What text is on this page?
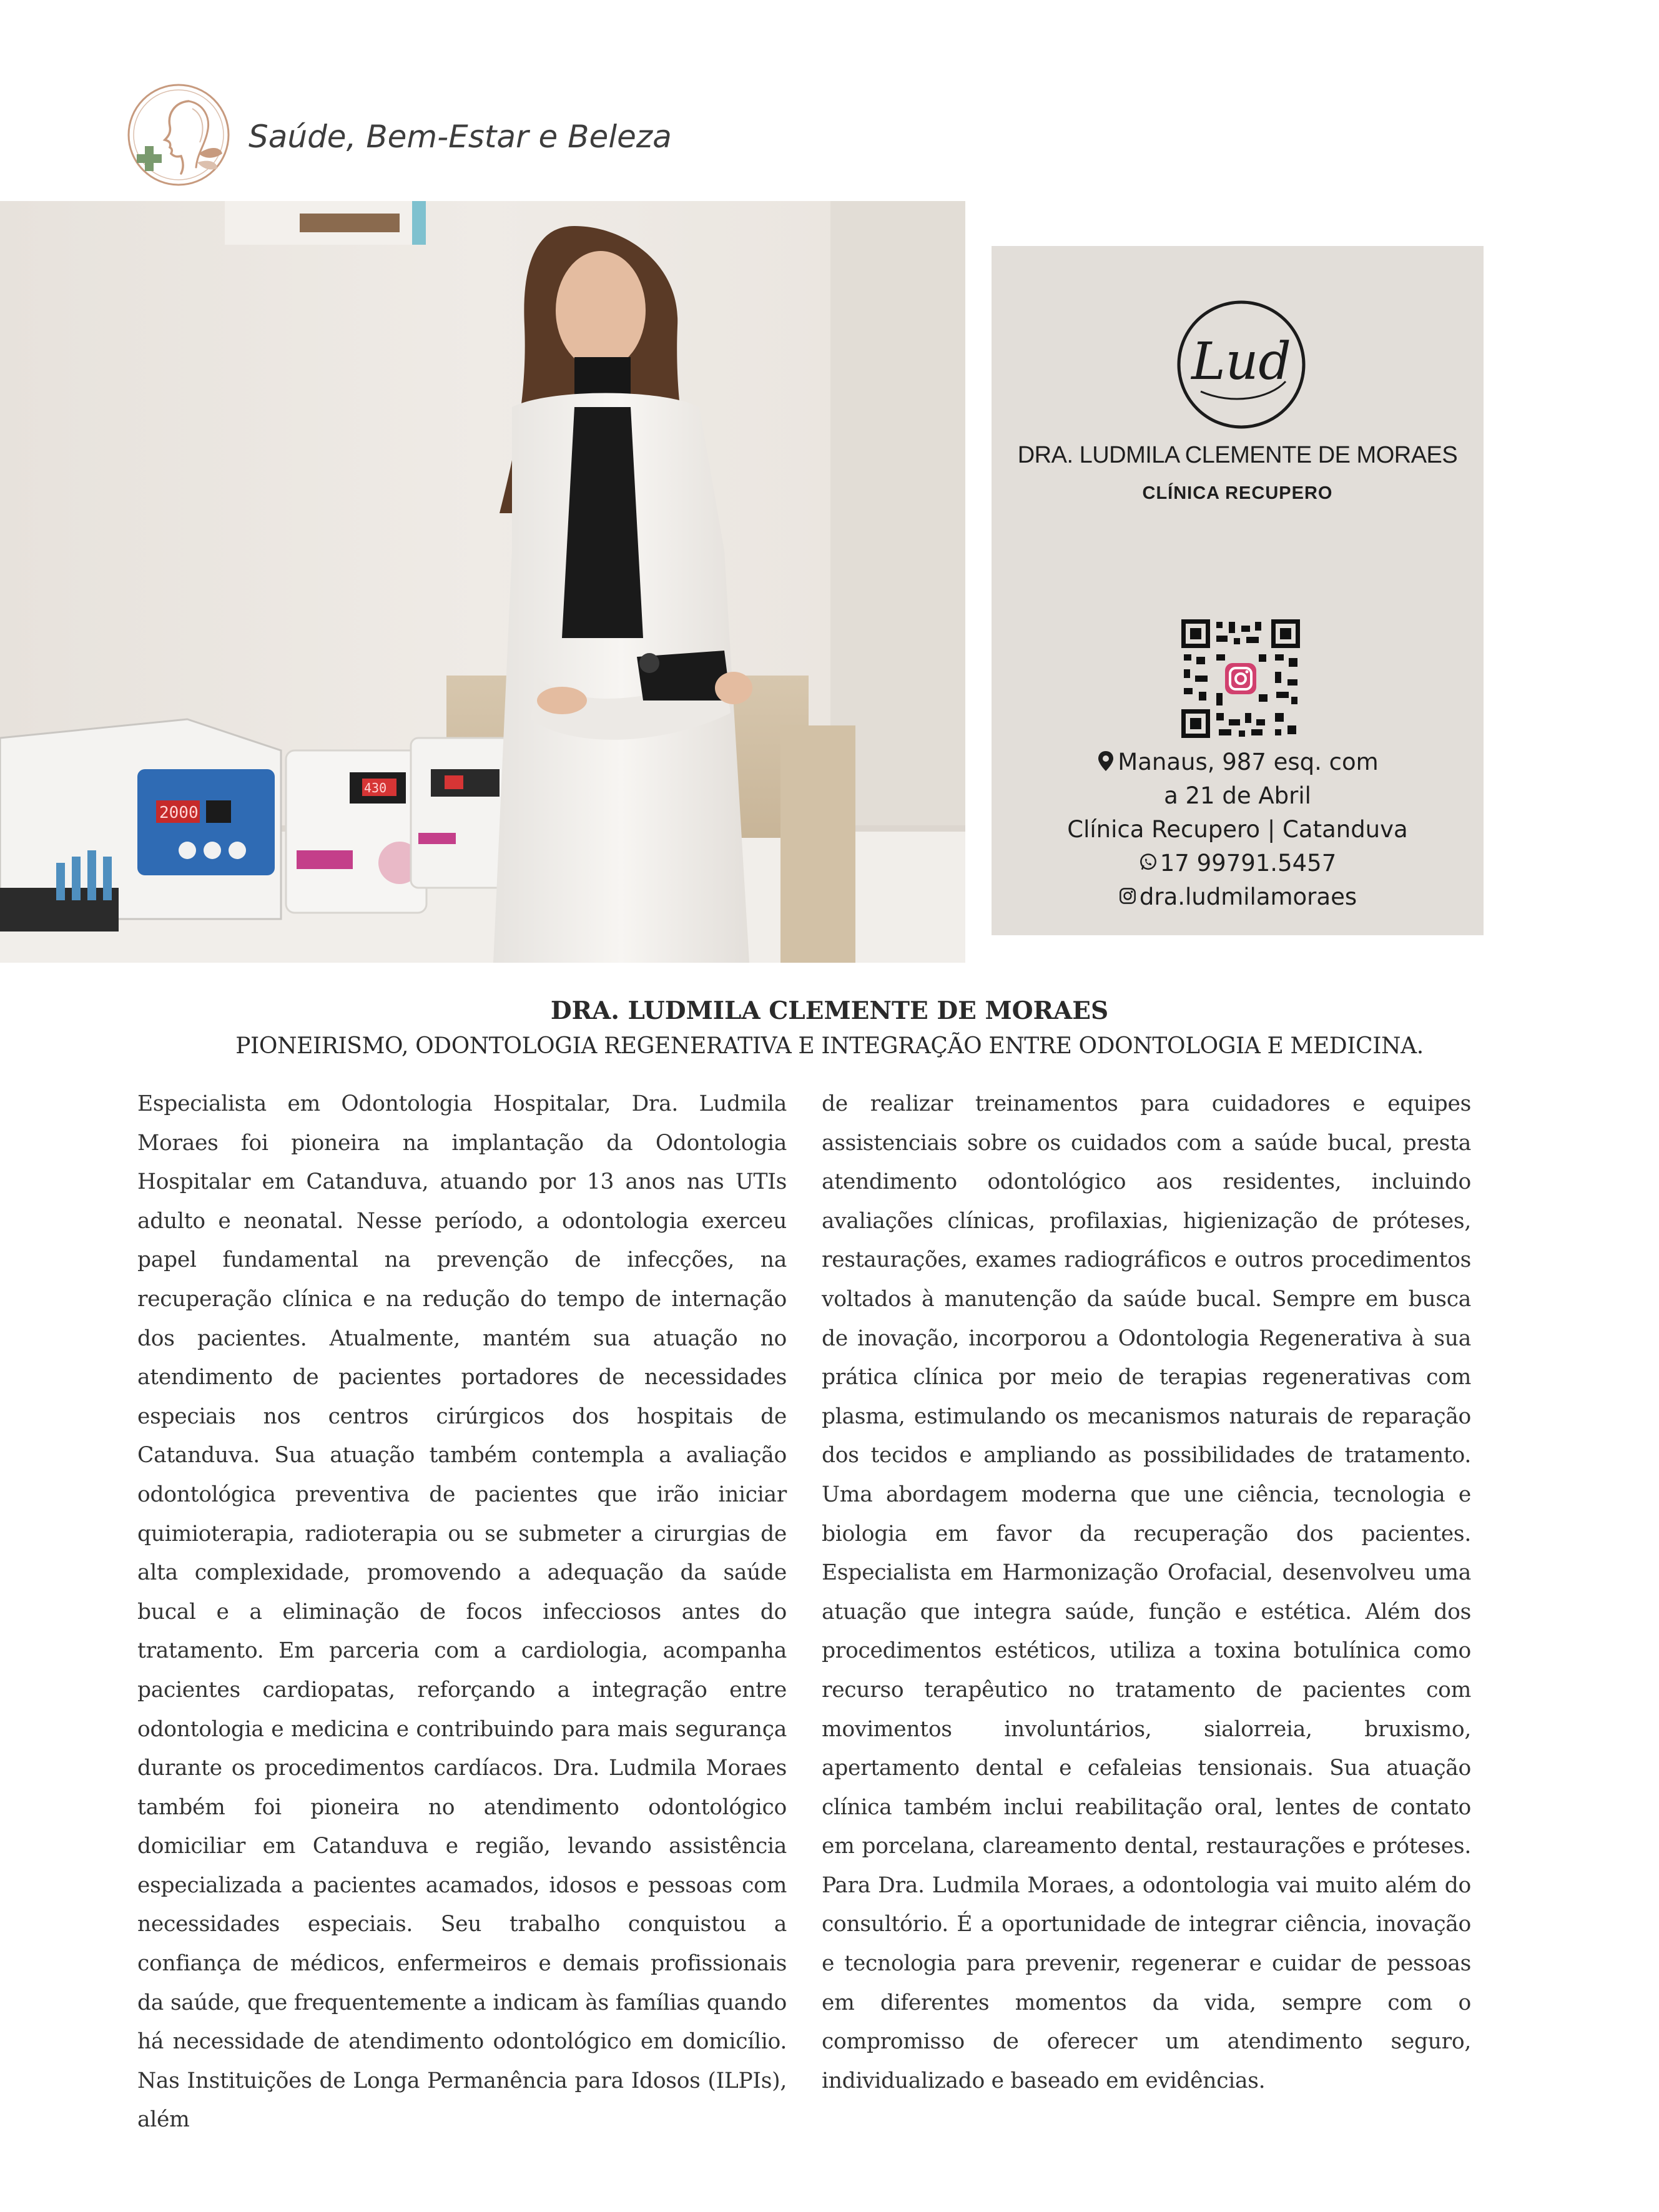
Saúde, Bem-Estar e Beleza
2000
430
Lud
DRA. LUDMILA CLEMENTE DE MORAES
CLÍNICA RECUPERO
Manaus, 987 esq. com
a 21 de Abril
Clínica Recupero | Catanduva
17 99791.5457
dra.ludmilamoraes
DRA. LUDMILA CLEMENTE DE MORAES
PIONEIRISMO, ODONTOLOGIA REGENERATIVA E INTEGRAÇÃO ENTRE ODONTOLOGIA E MEDICINA.
Especialista em Odontologia Hospitalar, Dra. Ludmila Moraes foi pioneira na implantação da Odontologia Hospitalar em Catanduva, atuando por 13 anos nas UTIs adulto e neonatal. Nesse período, a odontologia exerceu papel fundamental na prevenção de infecções, na recuperação clínica e na redução do tempo de internação dos pacientes. Atualmente, mantém sua atuação no atendimento de pacientes portadores de necessidades especiais nos centros cirúrgicos dos hospitais de Catanduva. Sua atuação também contempla a avaliação odontológica preventiva de pacientes que irão iniciar quimioterapia, radioterapia ou se submeter a cirurgias de alta complexidade, promovendo a adequação da saúde bucal e a eliminação de focos infecciosos antes do tratamento. Em parceria com a cardiologia, acompanha pacientes cardiopatas, reforçando a integração entre odontologia e medicina e contribuindo para mais segurança durante os procedimentos cardíacos. Dra. Ludmila Moraes também foi pioneira no atendimento odontológico domiciliar em Catanduva e região, levando assistência especializada a pacientes acamados, idosos e pessoas com necessidades especiais. Seu trabalho conquistou a confiança de médicos, enfermeiros e demais profissionais da saúde, que frequentemente a indicam às famílias quando há necessidade de atendimento odontológico em domicílio. Nas Instituições de Longa Permanência para Idosos (ILPIs), além
de realizar treinamentos para cuidadores e equipes assistenciais sobre os cuidados com a saúde bucal, presta atendimento odontológico aos residentes, incluindo avaliações clínicas, profilaxias, higienização de próteses, restaurações, exames radiográficos e outros procedimentos voltados à manutenção da saúde bucal. Sempre em busca de inovação, incorporou a Odontologia Regenerativa à sua prática clínica por meio de terapias regenerativas com plasma, estimulando os mecanismos naturais de reparação dos tecidos e ampliando as possibilidades de tratamento. Uma abordagem moderna que une ciência, tecnologia e biologia em favor da recuperação dos pacientes. Especialista em Harmonização Orofacial, desenvolveu uma atuação que integra saúde, função e estética. Além dos procedimentos estéticos, utiliza a toxina botulínica como recurso terapêutico no tratamento de pacientes com movimentos involuntários, sialorreia, bruxismo, apertamento dental e cefaleias tensionais. Sua atuação clínica também inclui reabilitação oral, lentes de contato em porcelana, clareamento dental, restaurações e próteses. Para Dra. Ludmila Moraes, a odontologia vai muito além do consultório. É a oportunidade de integrar ciência, inovação e tecnologia para prevenir, regenerar e cuidar de pessoas em diferentes momentos da vida, sempre com o compromisso de oferecer um atendimento seguro, individualizado e baseado em evidências.
